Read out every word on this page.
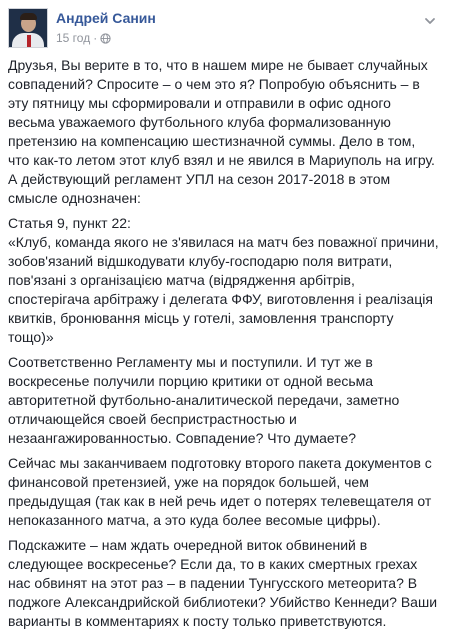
Андрей Санин
15 год ·

Друзья, Вы верите в то, что в нашем мире не бывает случайных совпадений? Спросите – о чем это я? Попробую объяснить – в эту пятницу мы сформировали и отправили в офис одного весьма уважаемого футбольного клуба формализованную претензию на компенсацию шестизначной суммы. Дело в том, что как-то летом этот клуб взял и не явился в Мариуполь на игру. А действующий регламент УПЛ на сезон 2017-2018 в этом смысле однозначен:

Статья 9, пункт 22:
«Клуб, команда якого не з'явилася на матч без поважної причини, зобов'язаний відшкодувати клубу-господарю поля витрати, пов'язані з організацією матча (відрядження арбітрів, спостерігача арбітражу і делегата ФФУ, виготовлення і реалізація квитків, бронювання місць у готелі, замовлення транспорту тощо)»

Соответственно Регламенту мы и поступили. И тут же в воскресенье получили порцию критики от одной весьма авторитетной футбольно-аналитической передачи, заметно отличающейся своей беспристрастностью и незаангажированностью. Совпадение? Что думаете?

Сейчас мы заканчиваем подготовку второго пакета документов с финансовой претензией, уже на порядок большей, чем предыдущая (так как в ней речь идет о потерях телевещателя от непоказанного матча, а это куда более весомые цифры).

Подскажите – нам ждать очередной виток обвинений в следующее воскресенье? Если да, то в каких смертных грехах нас обвинят на этот раз – в падении Тунгусского метеорита? В поджоге Александрийской библиотеки? Убийство Кеннеди? Ваши варианты в комментариях к посту только приветствуются.
